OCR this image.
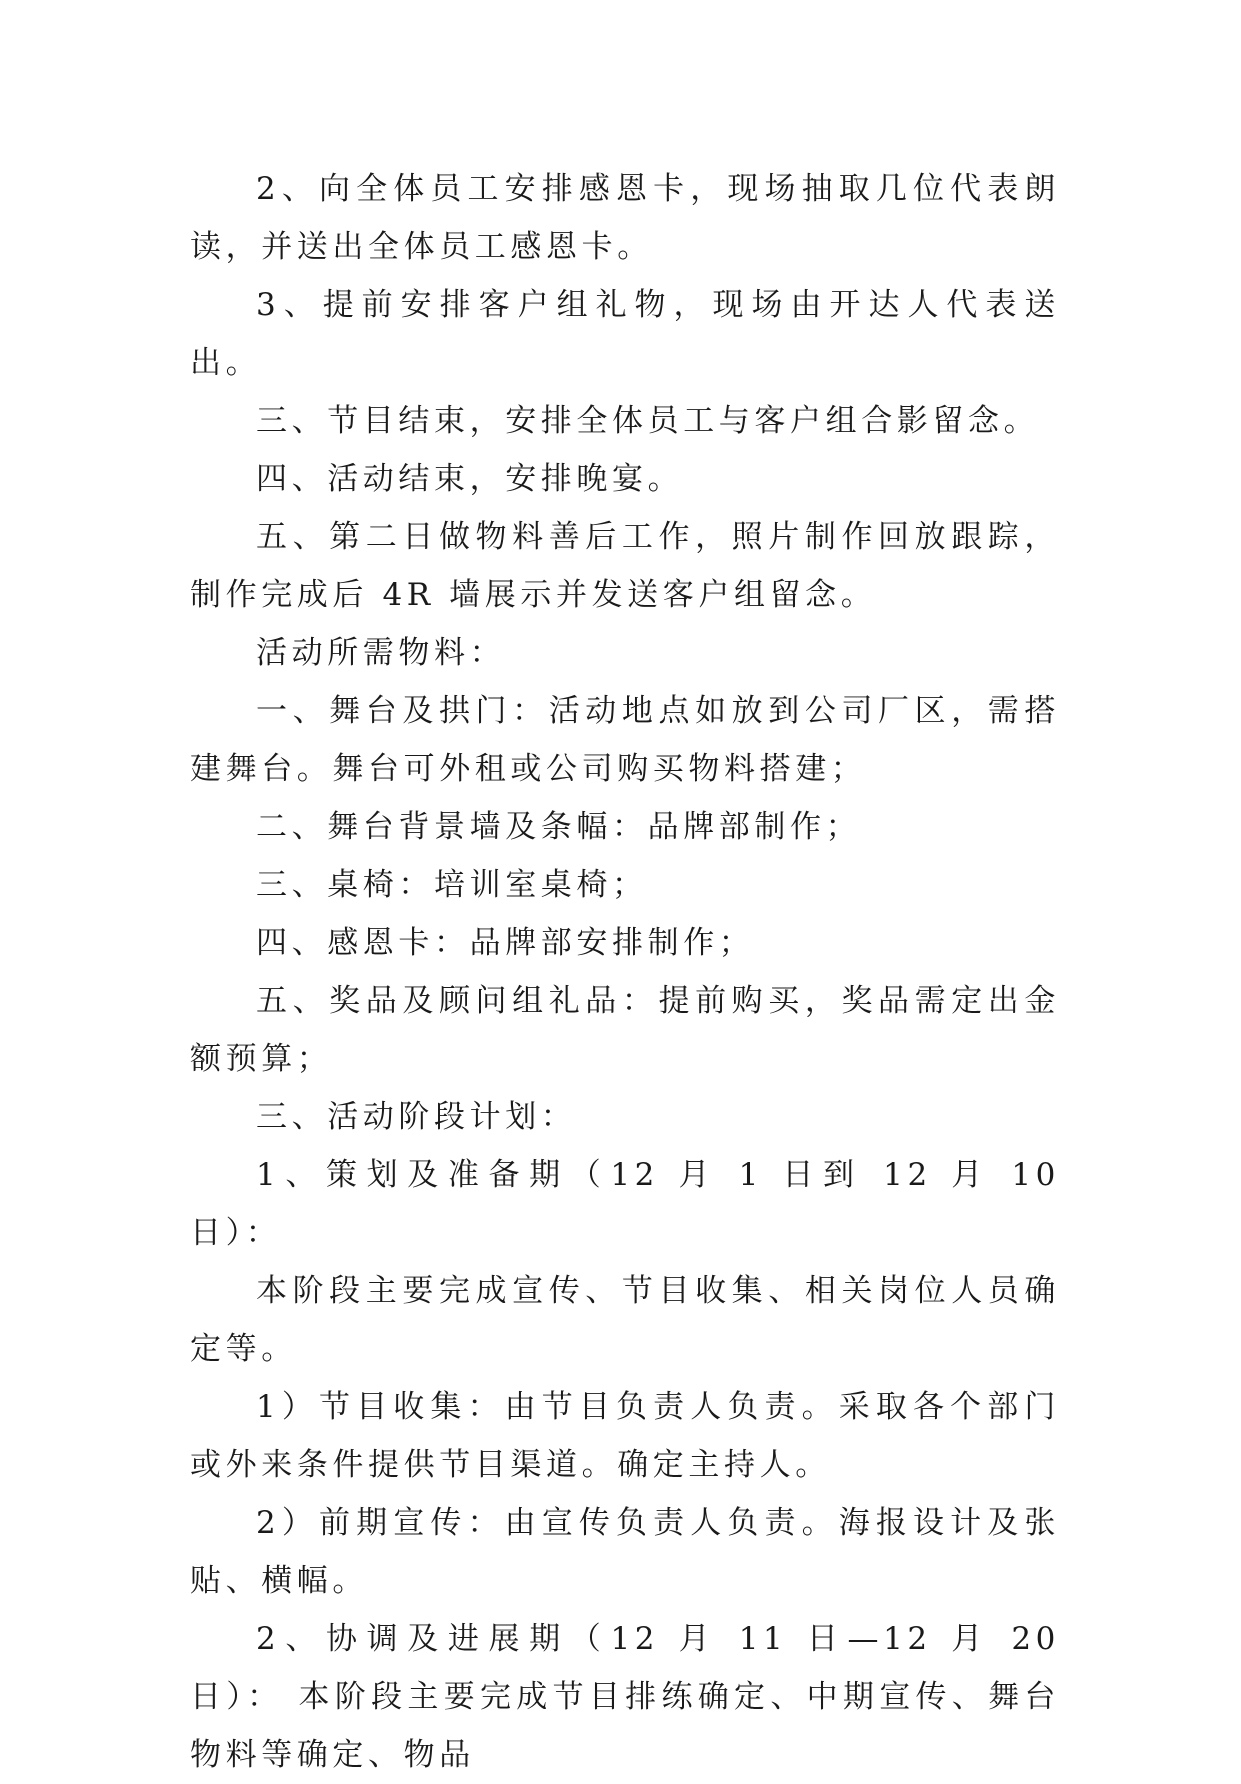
2、向全体员工安排感恩卡，现场抽取几位代表朗读，并送出全体员工感恩卡。

3、提前安排客户组礼物，现场由开达人代表送出。

三、节目结束，安排全体员工与客户组合影留念。

四、活动结束，安排晚宴。

五、第二日做物料善后工作，照片制作回放跟踪，制作完成后 4R 墙展示并发送客户组留念。

活动所需物料：

一、舞台及拱门：活动地点如放到公司厂区，需搭建舞台。舞台可外租或公司购买物料搭建；

二、舞台背景墙及条幅：品牌部制作；

三、桌椅：培训室桌椅；

四、感恩卡：品牌部安排制作；

五、奖品及顾问组礼品：提前购买，奖品需定出金额预算；

三、活动阶段计划：

1、策划及准备期（12 月 1 日到 12 月 10 日）：

本阶段主要完成宣传、节目收集、相关岗位人员确定等。

1）节目收集：由节目负责人负责。采取各个部门或外来条件提供节目渠道。确定主持人。

2）前期宣传：由宣传负责人负责。海报设计及张贴、横幅。

2、协调及进展期（12 月 11 日—12 月 20 日）： 本阶段主要完成节目排练确定、中期宣传、舞台物料等确定、物品
